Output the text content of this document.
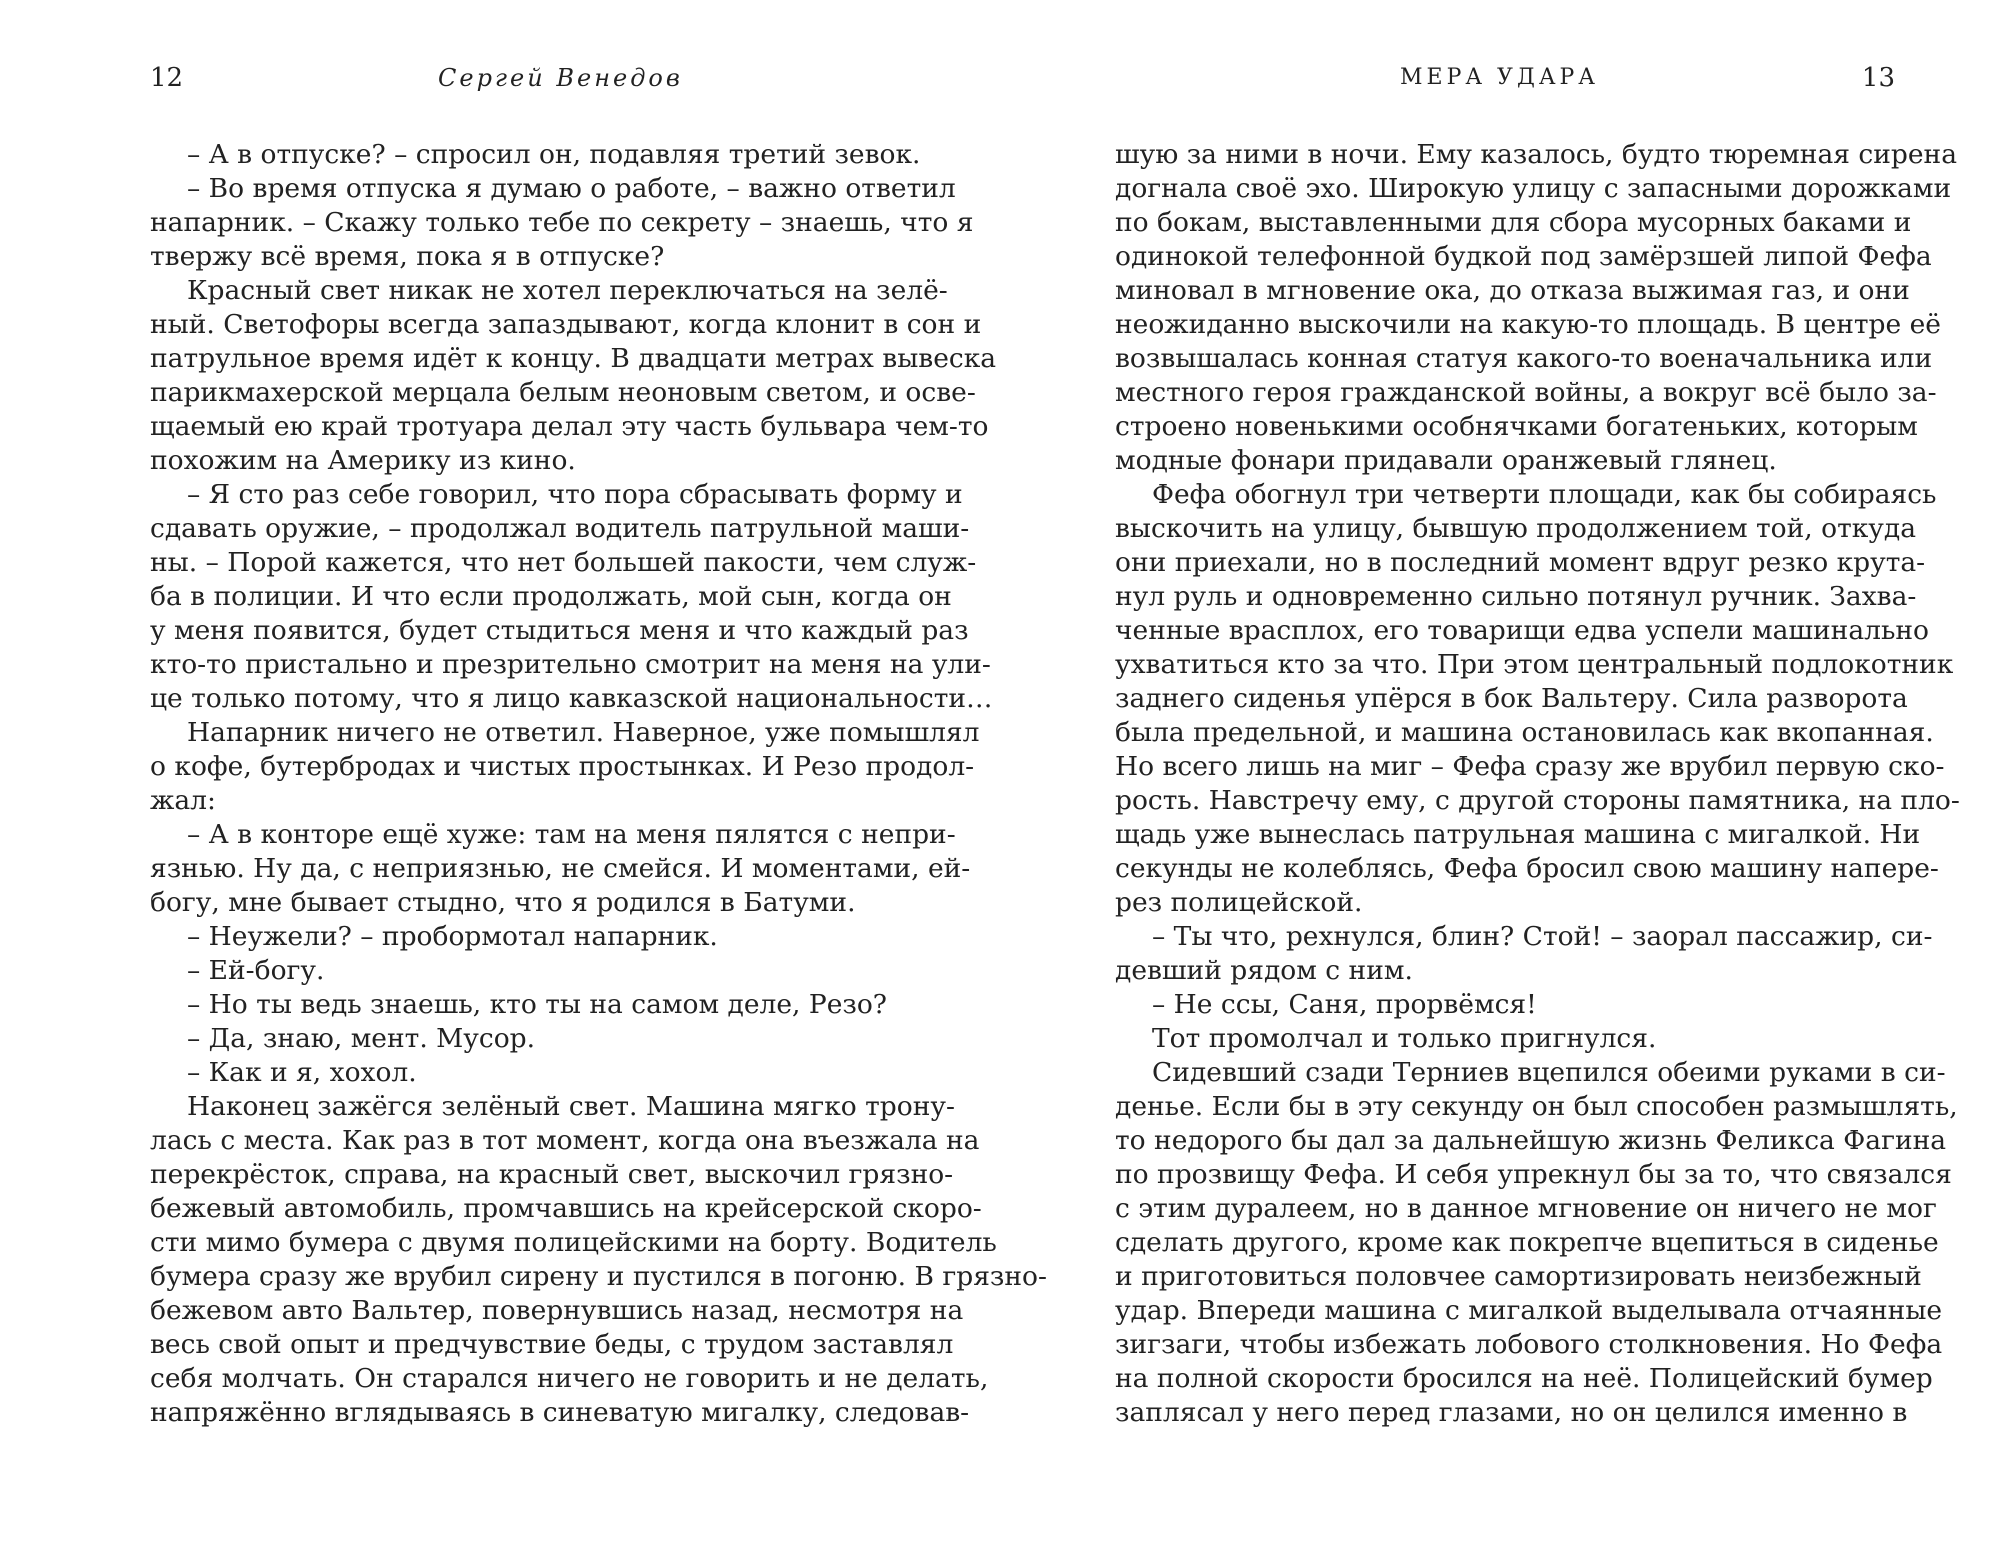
12	Сергей Венедов
– А в отпуске? – спросил он, подавляя третий зевок.
– Во время отпуска я думаю о работе, – важно ответил
напарник. – Скажу только тебе по секрету – знаешь, что я
твержу всё время, пока я в отпуске?
Красный свет никак не хотел переключаться на зелё-
ный. Светофоры всегда запаздывают, когда клонит в сон и
патрульное время идёт к концу. В двадцати метрах вывеска
парикмахерской мерцала белым неоновым светом, и осве-
щаемый ею край тротуара делал эту часть бульвара чем-то
похожим на Америку из кино.
– Я сто раз себе говорил, что пора сбрасывать форму и
сдавать оружие, – продолжал водитель патрульной маши-
ны. – Порой кажется, что нет большей пакости, чем служ-
ба в полиции. И что если продолжать, мой сын, когда он
у меня появится, будет стыдиться меня и что каждый раз
кто-то пристально и презрительно смотрит на меня на ули-
це только потому, что я лицо кавказской национальности…
Напарник ничего не ответил. Наверное, уже помышлял
о кофе, бутербродах и чистых простынках. И Резо продол-
жал:
– А в конторе ещё хуже: там на меня пялятся с непри-
язнью. Ну да, с неприязнью, не смейся. И моментами, ей-
богу, мне бывает стыдно, что я родился в Батуми.
– Неужели? – пробормотал напарник.
– Ей-богу.
– Но ты ведь знаешь, кто ты на самом деле, Резо?
– Да, знаю, мент. Мусор.
– Как и я, хохол.
Наконец зажёгся зелёный свет. Машина мягко трону-
лась с места. Как раз в тот момент, когда она въезжала на
перекрёсток, справа, на красный свет, выскочил грязно-
бежевый автомобиль, промчавшись на крейсерской скоро-
сти мимо бумера с двумя полицейскими на борту. Водитель
бумера сразу же врубил сирену и пустился в погоню. В грязно-
бежевом авто Вальтер, повернувшись назад, несмотря на
весь свой опыт и предчувствие беды, с трудом заставлял
себя молчать. Он старался ничего не говорить и не делать,
напряжённо вглядываясь в синеватую мигалку, следовав-
МЕРА УДАРА	13
шую за ними в ночи. Ему казалось, будто тюремная сирена
догнала своё эхо. Широкую улицу с запасными дорожками
по бокам, выставленными для сбора мусорных баками и
одинокой телефонной будкой под замёрзшей липой Фефа
миновал в мгновение ока, до отказа выжимая газ, и они
неожиданно выскочили на какую-то площадь. В центре её
возвышалась конная статуя какого-то военачальника или
местного героя гражданской войны, а вокруг всё было за-
строено новенькими особнячками богатеньких, которым
модные фонари придавали оранжевый глянец.
Фефа обогнул три четверти площади, как бы собираясь
выскочить на улицу, бывшую продолжением той, откуда
они приехали, но в последний момент вдруг резко крута-
нул руль и одновременно сильно потянул ручник. Захва-
ченные врасплох, его товарищи едва успели машинально
ухватиться кто за что. При этом центральный подлокотник
заднего сиденья упёрся в бок Вальтеру. Сила разворота
была предельной, и машина остановилась как вкопанная.
Но всего лишь на миг – Фефа сразу же врубил первую ско-
рость. Навстречу ему, с другой стороны памятника, на пло-
щадь уже вынеслась патрульная машина с мигалкой. Ни
секунды не колеблясь, Фефа бросил свою машину напере-
рез полицейской.
– Ты что, рехнулся, блин? Стой! – заорал пассажир, си-
девший рядом с ним.
– Не ссы, Саня, прорвёмся!
Тот промолчал и только пригнулся.
Сидевший сзади Терниев вцепился обеими руками в си-
денье. Если бы в эту секунду он был способен размышлять,
то недорого бы дал за дальнейшую жизнь Феликса Фагина
по прозвищу Фефа. И себя упрекнул бы за то, что связался
с этим дуралеем, но в данное мгновение он ничего не мог
сделать другого, кроме как покрепче вцепиться в сиденье
и приготовиться половчее самортизировать неизбежный
удар. Впереди машина с мигалкой выделывала отчаянные
зигзаги, чтобы избежать лобового столкновения. Но Фефа
на полной скорости бросился на неё. Полицейский бумер
заплясал у него перед глазами, но он целился именно в
